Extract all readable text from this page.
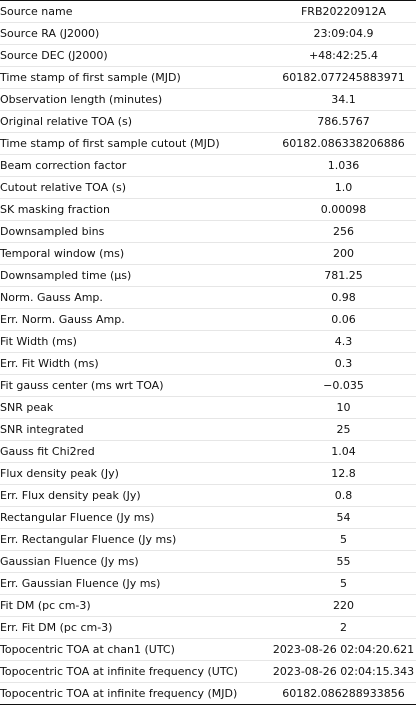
Source name	FRB20220912A
Source RA (J2000)	23:09:04.9
Source DEC (J2000)	+48:42:25.4
Time stamp of first sample (MJD)	60182.077245883971
Observation length (minutes)	34.1
Original relative TOA (s)	786.5767
Time stamp of first sample cutout (MJD)	60182.086338206886
Beam correction factor	1.036
Cutout relative TOA (s)	1.0
SK masking fraction	0.00098
Downsampled bins	256
Temporal window (ms)	200
Downsampled time (µs)	781.25
Norm. Gauss Amp.	0.98
Err. Norm. Gauss Amp.	0.06
Fit Width (ms)	4.3
Err. Fit Width (ms)	0.3
Fit gauss center (ms wrt TOA)	−0.035
SNR peak	10
SNR integrated	25
Gauss fit Chi2red	1.04
Flux density peak (Jy)	12.8
Err. Flux density peak (Jy)	0.8
Rectangular Fluence (Jy ms)	54
Err. Rectangular Fluence (Jy ms)	5
Gaussian Fluence (Jy ms)	55
Err. Gaussian Fluence (Jy ms)	5
Fit DM (pc cm-3)	220
Err. Fit DM (pc cm-3)	2
Topocentric TOA at chan1 (UTC)	2023-08-26 02:04:20.621
Topocentric TOA at infinite frequency (UTC)	2023-08-26 02:04:15.343
Topocentric TOA at infinite frequency (MJD)	60182.086288933856
